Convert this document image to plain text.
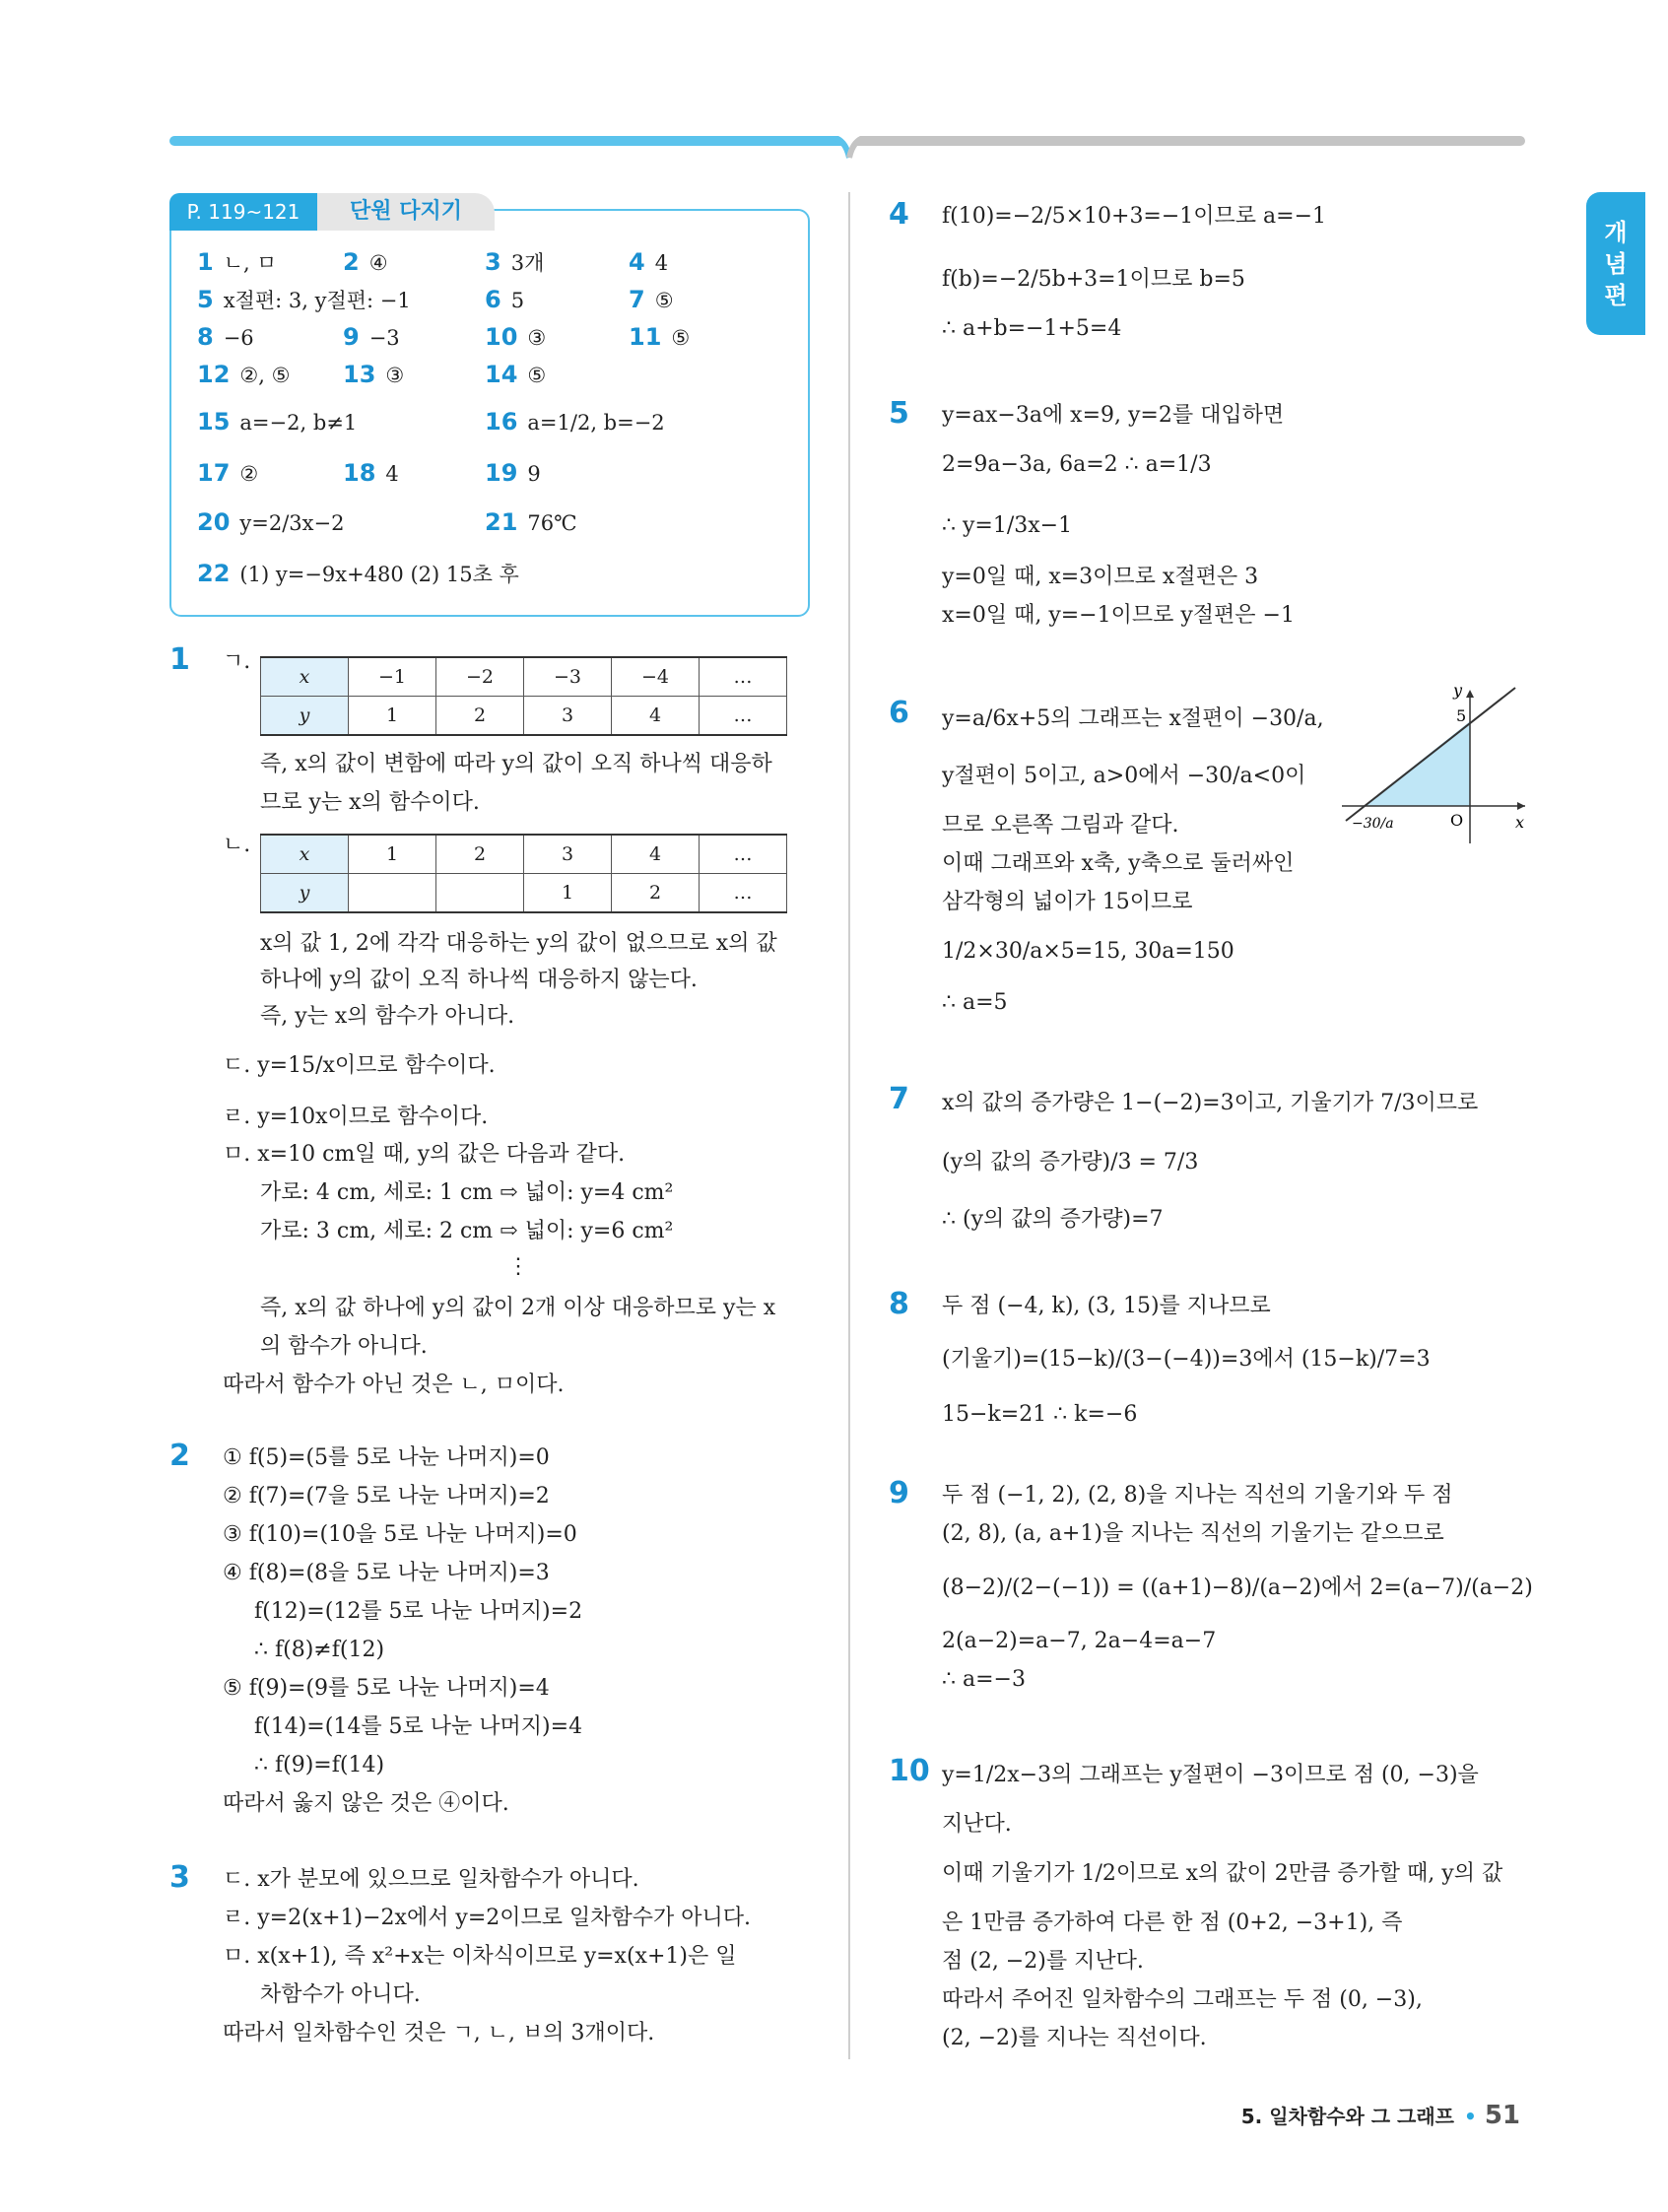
개
념
편
P. 119~121	단원 다지기
1 ㄴ, ㅁ	2 ④	3 3개	4 4
5 x절편: 3, y절편: −1	6 5	7 ⑤
8 −6	9 −3	10 ③	11 ⑤
12 ②, ⑤	13 ③	14 ⑤
15 a=−2, b≠1	16 a=1/2, b=−2
17 ②	18 4	19 9
20 y=2/3x−2	21 76℃
22 (1) y=−9x+480 (2) 15초 후
1 ㄱ.
x	−1	−2	−3	−4	…
y	1	2	3	4	…
즉, x의 값이 변함에 따라 y의 값이 오직 하나씩 대응하
므로 y는 x의 함수이다.
ㄴ.	x	1	2	3	4	…
y			1	2	…
x의 값 1, 2에 각각 대응하는 y의 값이 없으므로 x의 값
하나에 y의 값이 오직 하나씩 대응하지 않는다.
즉, y는 x의 함수가 아니다.
ㄷ. y=15/x이므로 함수이다.
ㄹ. y=10x이므로 함수이다.
ㅁ. x=10 cm일 때, y의 값은 다음과 같다.
가로: 4 cm, 세로: 1 cm ⇨ 넓이: y=4 cm²
가로: 3 cm, 세로: 2 cm ⇨ 넓이: y=6 cm²
⋮
즉, x의 값 하나에 y의 값이 2개 이상 대응하므로 y는 x
의 함수가 아니다.
따라서 함수가 아닌 것은 ㄴ, ㅁ이다.
2 ① f(5)=(5를 5로 나눈 나머지)=0
② f(7)=(7을 5로 나눈 나머지)=2
③ f(10)=(10을 5로 나눈 나머지)=0
④ f(8)=(8을 5로 나눈 나머지)=3
f(12)=(12를 5로 나눈 나머지)=2
∴ f(8)≠f(12)
⑤ f(9)=(9를 5로 나눈 나머지)=4
f(14)=(14를 5로 나눈 나머지)=4
∴ f(9)=f(14)
따라서 옳지 않은 것은 ④이다.
3 ㄷ. x가 분모에 있으므로 일차함수가 아니다.
ㄹ. y=2(x+1)−2x에서 y=2이므로 일차함수가 아니다.
ㅁ. x(x+1), 즉 x²+x는 이차식이므로 y=x(x+1)은 일
차함수가 아니다.
따라서 일차함수인 것은 ㄱ, ㄴ, ㅂ의 3개이다.
4 f(10)=−2/5×10+3=−1이므로 a=−1
f(b)=−2/5b+3=1이므로 b=5
∴ a+b=−1+5=4
5 y=ax−3a에 x=9, y=2를 대입하면
2=9a−3a, 6a=2 ∴ a=1/3
∴ y=1/3x−1
y=0일 때, x=3이므로 x절편은 3
x=0일 때, y=−1이므로 y절편은 −1
6 y=a/6x+5의 그래프는 x절편이 −30/a,
y절편이 5이고, a>0에서 −30/a<0이
므로 오른쪽 그림과 같다.
이때 그래프와 x축, y축으로 둘러싸인
삼각형의 넓이가 15이므로
1/2×30/a×5=15, 30a=150
∴ a=5
y
x
O
5
−30/a
7 x의 값의 증가량은 1−(−2)=3이고, 기울기가 7/3이므로
(y의 값의 증가량)/3 = 7/3
∴ (y의 값의 증가량)=7
8 두 점 (−4, k), (3, 15)를 지나므로
(기울기)=(15−k)/(3−(−4))=3에서 (15−k)/7=3
15−k=21 ∴ k=−6
9 두 점 (−1, 2), (2, 8)을 지나는 직선의 기울기와 두 점
(2, 8), (a, a+1)을 지나는 직선의 기울기는 같으므로
(8−2)/(2−(−1)) = ((a+1)−8)/(a−2)에서 2=(a−7)/(a−2)
2(a−2)=a−7, 2a−4=a−7
∴ a=−3
10 y=1/2x−3의 그래프는 y절편이 −3이므로 점 (0, −3)을
지난다.
이때 기울기가 1/2이므로 x의 값이 2만큼 증가할 때, y의 값
은 1만큼 증가하여 다른 한 점 (0+2, −3+1), 즉
점 (2, −2)를 지난다.
따라서 주어진 일차함수의 그래프는 두 점 (0, −3),
(2, −2)를 지나는 직선이다.
5. 일차함수와 그 그래프 • 51
